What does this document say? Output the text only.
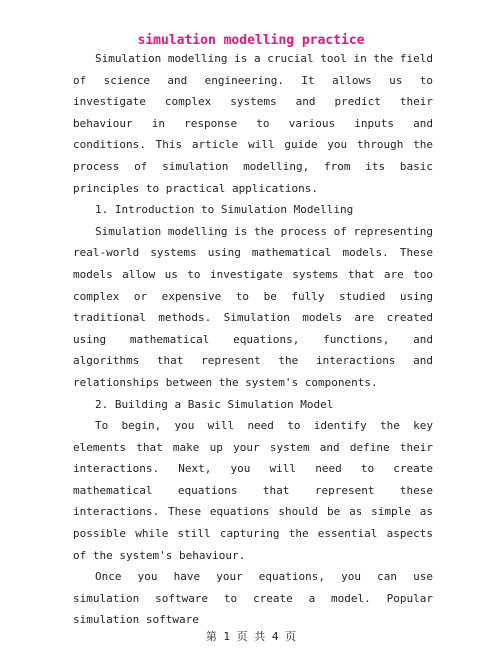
simulation modelling practice

Simulation modelling is a crucial tool in the field of science and engineering. It allows us to investigate complex systems and predict their behaviour in response to various inputs and conditions. This article will guide you through the process of simulation modelling, from its basic principles to practical applications.

1. Introduction to Simulation Modelling

Simulation modelling is the process of representing real-world systems using mathematical models. These models allow us to investigate systems that are too complex or expensive to be fully studied using traditional methods. Simulation models are created using mathematical equations, functions, and algorithms that represent the interactions and relationships between the system's components.

2. Building a Basic Simulation Model

To begin, you will need to identify the key elements that make up your system and define their interactions. Next, you will need to create mathematical equations that represent these interactions. These equations should be as simple as possible while still capturing the essential aspects of the system's behaviour.

Once you have your equations, you can use simulation software to create a model. Popular simulation software

第 1 页 共 4 页
